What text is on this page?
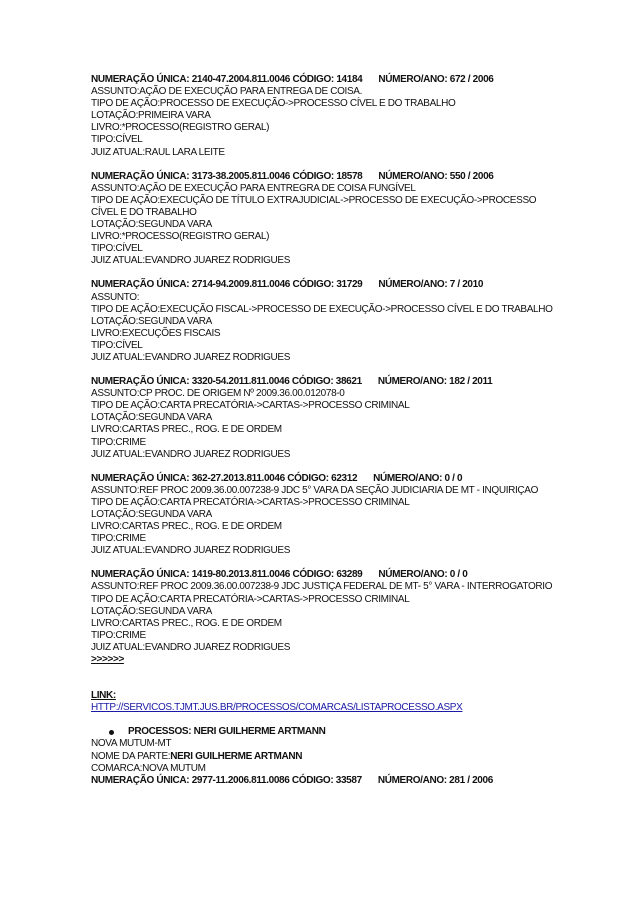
NUMERAÇÃO ÚNICA: 2140-47.2004.811.0046 CÓDIGO: 14184 NÚMERO/ANO: 672 / 2006
ASSUNTO:AÇÃO DE EXECUÇÃO PARA ENTREGA DE COISA.
TIPO DE AÇÃO:PROCESSO DE EXECUÇÃO->PROCESSO CÍVEL E DO TRABALHO
LOTAÇÃO:PRIMEIRA VARA
LIVRO:*PROCESSO(REGISTRO GERAL)
TIPO:CÍVEL
JUIZ ATUAL:RAUL LARA LEITE
NUMERAÇÃO ÚNICA: 3173-38.2005.811.0046 CÓDIGO: 18578 NÚMERO/ANO: 550 / 2006
ASSUNTO:AÇÃO DE EXECUÇÃO PARA ENTREGRA DE COISA FUNGÍVEL
TIPO DE AÇÃO:EXECUÇÃO DE TÍTULO EXTRAJUDICIAL->PROCESSO DE EXECUÇÃO->PROCESSO CÍVEL E DO TRABALHO
LOTAÇÃO:SEGUNDA VARA
LIVRO:*PROCESSO(REGISTRO GERAL)
TIPO:CÍVEL
JUIZ ATUAL:EVANDRO JUAREZ RODRIGUES
NUMERAÇÃO ÚNICA: 2714-94.2009.811.0046 CÓDIGO: 31729 NÚMERO/ANO: 7 / 2010
ASSUNTO:
TIPO DE AÇÃO:EXECUÇÃO FISCAL->PROCESSO DE EXECUÇÃO->PROCESSO CÍVEL E DO TRABALHO
LOTAÇÃO:SEGUNDA VARA
LIVRO:EXECUÇÕES FISCAIS
TIPO:CÍVEL
JUIZ ATUAL:EVANDRO JUAREZ RODRIGUES
NUMERAÇÃO ÚNICA: 3320-54.2011.811.0046 CÓDIGO: 38621 NÚMERO/ANO: 182 / 2011
ASSUNTO:CP PROC. DE ORIGEM Nº 2009.36.00.012078-0
TIPO DE AÇÃO:CARTA PRECATÓRIA->CARTAS->PROCESSO CRIMINAL
LOTAÇÃO:SEGUNDA VARA
LIVRO:CARTAS PREC., ROG. E DE ORDEM
TIPO:CRIME
JUIZ ATUAL:EVANDRO JUAREZ RODRIGUES
NUMERAÇÃO ÚNICA: 362-27.2013.811.0046 CÓDIGO: 62312 NÚMERO/ANO: 0 / 0
ASSUNTO:REF PROC 2009.36.00.007238-9 JDC 5° VARA DA SEÇÃO JUDICIARIA DE MT - INQUIRIÇAO
TIPO DE AÇÃO:CARTA PRECATÓRIA->CARTAS->PROCESSO CRIMINAL
LOTAÇÃO:SEGUNDA VARA
LIVRO:CARTAS PREC., ROG. E DE ORDEM
TIPO:CRIME
JUIZ ATUAL:EVANDRO JUAREZ RODRIGUES
NUMERAÇÃO ÚNICA: 1419-80.2013.811.0046 CÓDIGO: 63289 NÚMERO/ANO: 0 / 0
ASSUNTO:REF PROC 2009.36.00.007238-9 JDC JUSTIÇA FEDERAL DE MT- 5° VARA - INTERROGATORIO
TIPO DE AÇÃO:CARTA PRECATÓRIA->CARTAS->PROCESSO CRIMINAL
LOTAÇÃO:SEGUNDA VARA
LIVRO:CARTAS PREC., ROG. E DE ORDEM
TIPO:CRIME
JUIZ ATUAL:EVANDRO JUAREZ RODRIGUES
>>>>>>
LINK:
HTTP://SERVICOS.TJMT.JUS.BR/PROCESSOS/COMARCAS/LISTAPROCESSO.ASPX
PROCESSOS: NERI GUILHERME ARTMANN
NOVA MUTUM-MT
NOME DA PARTE:NERI GUILHERME ARTMANN
COMARCA:NOVA MUTUM
NUMERAÇÃO ÚNICA: 2977-11.2006.811.0086 CÓDIGO: 33587 NÚMERO/ANO: 281 / 2006
